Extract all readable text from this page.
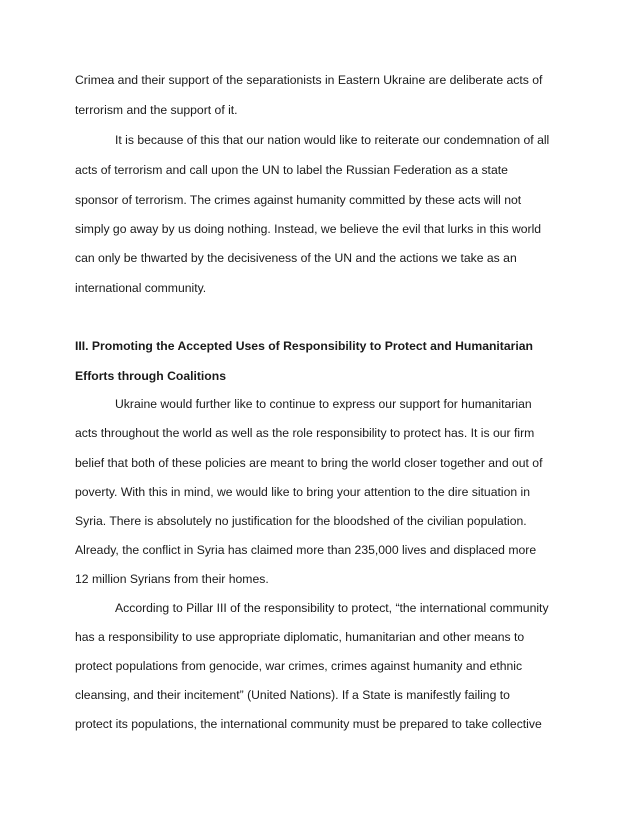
Crimea and their support of the separationists in Eastern Ukraine are deliberate acts of
terrorism and the support of it.
It is because of this that our nation would like to reiterate our condemnation of all
acts of terrorism and call upon the UN to label the Russian Federation as a state
sponsor of terrorism. The crimes against humanity committed by these acts will not
simply go away by us doing nothing. Instead, we believe the evil that lurks in this world
can only be thwarted by the decisiveness of the UN and the actions we take as an
international community.
III. Promoting the Accepted Uses of Responsibility to Protect and Humanitarian
Efforts through Coalitions
Ukraine would further like to continue to express our support for humanitarian
acts throughout the world as well as the role responsibility to protect has. It is our firm
belief that both of these policies are meant to bring the world closer together and out of
poverty. With this in mind, we would like to bring your attention to the dire situation in
Syria. There is absolutely no justification for the bloodshed of the civilian population.
Already, the conflict in Syria has claimed more than 235,000 lives and displaced more
12 million Syrians from their homes.
According to Pillar III of the responsibility to protect, “the international community
has a responsibility to use appropriate diplomatic, humanitarian and other means to
protect populations from genocide, war crimes, crimes against humanity and ethnic
cleansing, and their incitement” (United Nations). If a State is manifestly failing to
protect its populations, the international community must be prepared to take collective
